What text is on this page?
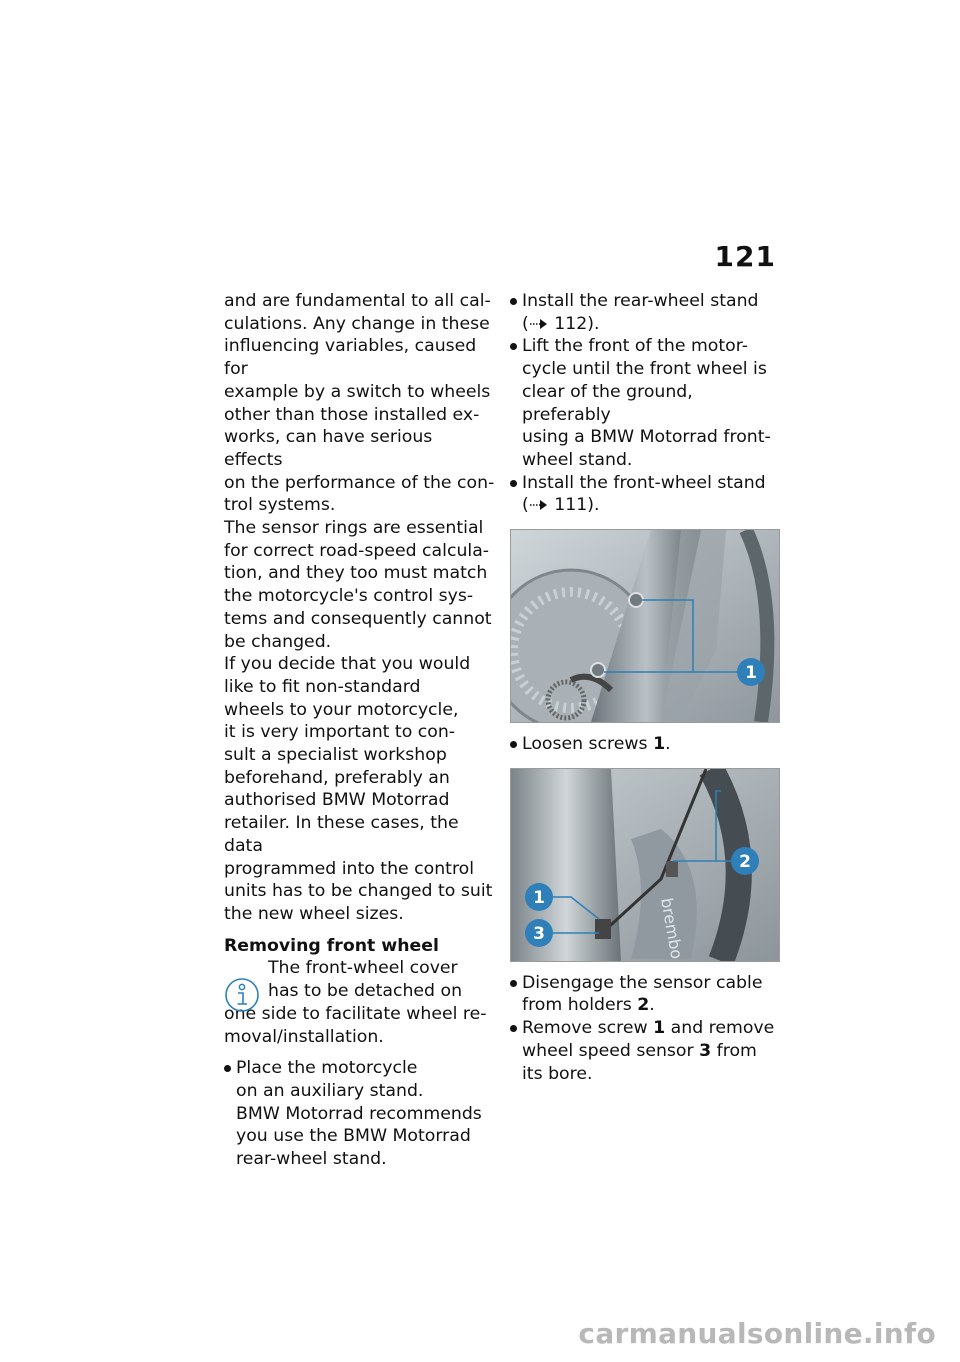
121

and are fundamental to all cal-
culations. Any change in these
influencing variables, caused for
example by a switch to wheels
other than those installed ex-
works, can have serious effects
on the performance of the con-
trol systems.

The sensor rings are essential
for correct road-speed calcula-
tion, and they too must match
the motorcycle's control sys-
tems and consequently cannot
be changed.

If you decide that you would
like to fit non-standard
wheels to your motorcycle,
it is very important to con-
sult a specialist workshop
beforehand, preferably an
authorised BMW Motorrad
retailer. In these cases, the data
programmed into the control
units has to be changed to suit
the new wheel sizes.

Removing front wheel

The front-wheel cover
has to be detached on
one side to facilitate wheel re-
moval/installation.

Place the motorcycle
on an auxiliary stand.
BMW Motorrad recommends
you use the BMW Motorrad
rear-wheel stand.

Install the rear-wheel stand
( 112).

Lift the front of the motor-
cycle until the front wheel is
clear of the ground, preferably
using a BMW Motorrad front-
wheel stand.

Install the front-wheel stand
( 111).

1

Loosen screws 1.

brembo
2
1
3

Disengage the sensor cable
from holders 2.

Remove screw 1 and remove
wheel speed sensor 3 from
its bore.

carmanualsonline.info
